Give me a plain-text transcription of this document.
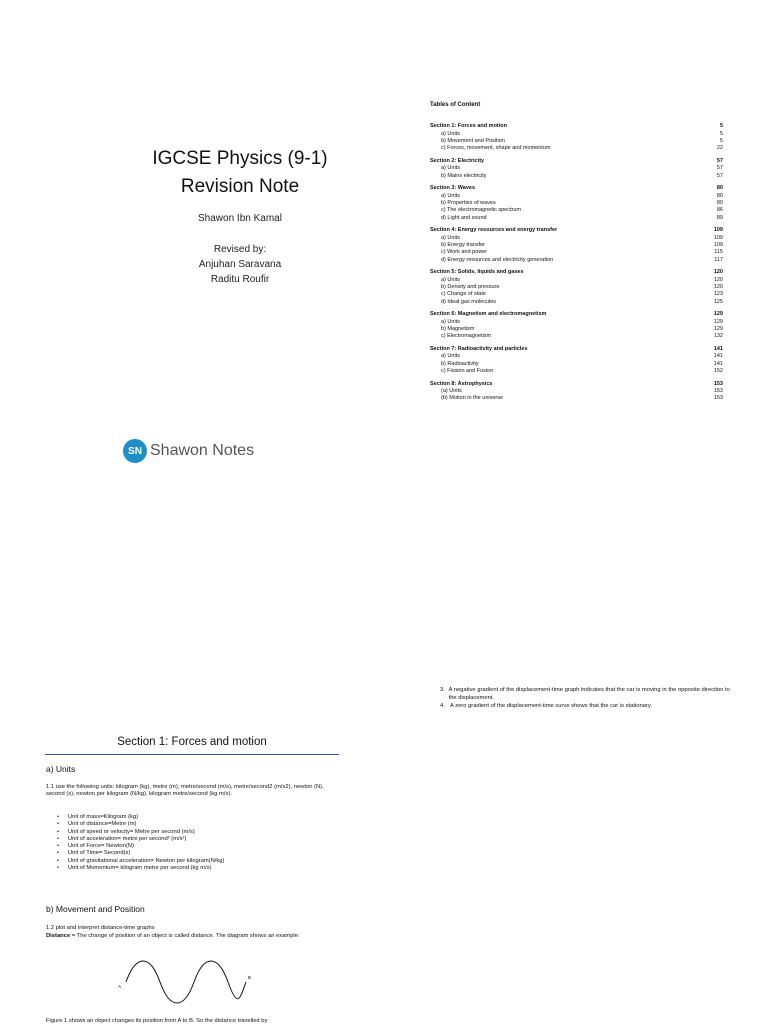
IGCSE Physics (9-1)
Revision Note
Shawon Ibn Kamal
Revised by:
Anjuhan Saravana
Raditu Roufir
SN Shawon Notes
Tables of Content
Section 1: Forces and motion	5
a) Units	5
b) Movement and Position	5
c) Forces, movement, shape and momentum	22
Section 2: Electricity	57
a) Units	57
b) Mains electricity	57
Section 3: Waves	80
a) Units	80
b) Properties of waves	80
c) The electromagnetic spectrum	86
d) Light and sound	89
Section 4: Energy resources and energy transfer	109
a) Units	109
b) Energy transfer	109
c) Work and power	115
d) Energy resources and electricity generation	117
Section 5: Solids, liquids and gases	120
a) Units	120
b) Density and pressure	120
c) Change of state	123
d) Ideal gas molecules	125
Section 6: Magnetism and electromagnetism	129
a) Units	129
b) Magnetism	129
c) Electromagnetism	132
Section 7: Radioactivity and particles	141
a) Units	141
b) Radioactivity	141
c) Fission and Fusion	152
Section 8: Astrophysics	153
(a) Units	153
(b) Motion in the universe	153
3. A negative gradient of the displacement-time graph indicates that the car is moving in the opposite direction to the displacement.
4. A zero gradient of the displacement-time curve shows that the car is stationary.
Section 1: Forces and motion
a) Units
1.1 use the following units: kilogram (kg), metre (m), metre/second (m/s), metre/second2 (m/s2), newton (N), second (s), newton per kilogram (N/kg), kilogram metre/second (kg m/s).
•	Unit of mass=Kilogram (kg)
•	Unit of distance=Metre (m)
•	Unit of speed or velocity= Metre per second (m/s)
•	Unit of acceleration= metre per second² (m/s²)
•	Unit of Force= Newton(N)
•	Unit of Time= Second(s)
•	Unit of gravitational acceleration= Newton per kilogram(N/kg)
•	Unit of Momentum= kilogram metre per second (kg m/s)
b) Movement and Position
1.2 plot and interpret distance-time graphs
Distance = The change of position of an object is called distance. The diagram shows an example:
A
B
Figure 1 shows an object changes its position from A to B. So the distance travelled by
